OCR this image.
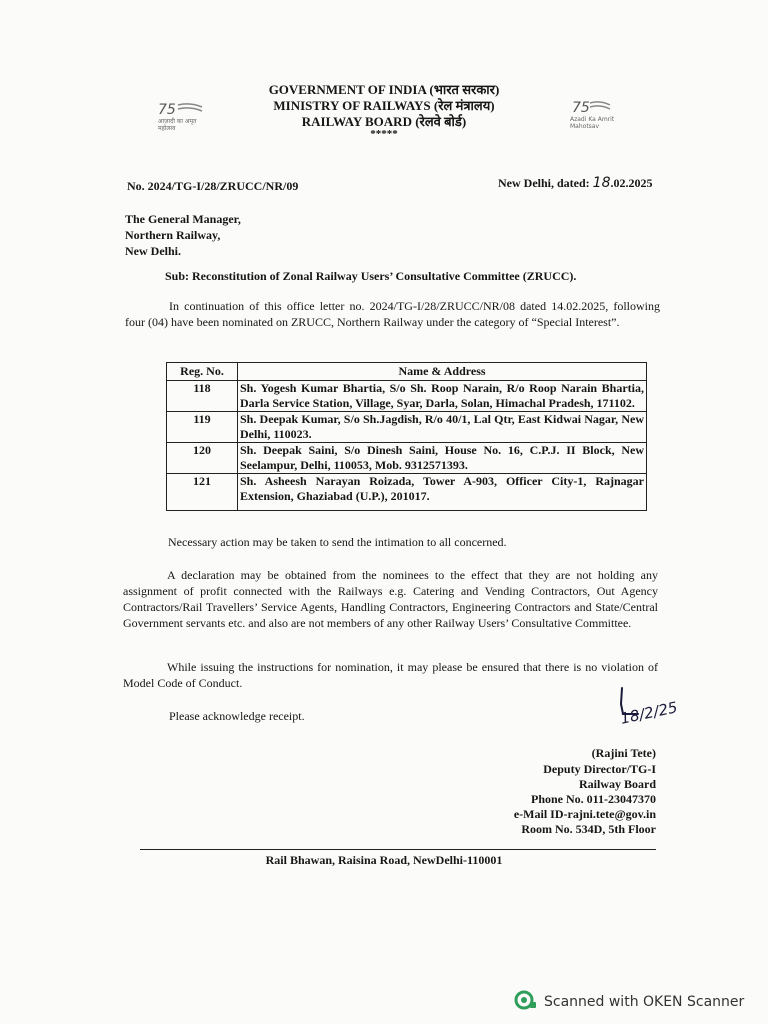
GOVERNMENT OF INDIA (भारत सरकार)
MINISTRY OF RAILWAYS (रेल मंत्रालय)
RAILWAY BOARD (रेलवे बोर्ड)
*****
75
आज़ादी का अमृत महोत्सव
75
Azadi Ka Amrit Mahotsav
No. 2024/TG-I/28/ZRUCC/NR/09	New Delhi, dated: 18.02.2025
The General Manager,
Northern Railway,
New Delhi.
Sub: Reconstitution of Zonal Railway Users’ Consultative Committee (ZRUCC).
In continuation of this office letter no. 2024/TG-I/28/ZRUCC/NR/08 dated 14.02.2025, following four (04) have been nominated on ZRUCC, Northern Railway under the category of “Special Interest”.
Reg. No.	Name & Address
118	Sh. Yogesh Kumar Bhartia, S/o Sh. Roop Narain, R/o Roop Narain Bhartia, Darla Service Station, Village, Syar, Darla, Solan, Himachal Pradesh, 171102.
119	Sh. Deepak Kumar, S/o Sh.Jagdish, R/o 40/1, Lal Qtr, East Kidwai Nagar, New Delhi, 110023.
120	Sh. Deepak Saini, S/o Dinesh Saini, House No. 16, C.P.J. II Block, New Seelampur, Delhi, 110053, Mob. 9312571393.
121	Sh. Asheesh Narayan Roizada, Tower A-903, Officer City-1, Rajnagar Extension, Ghaziabad (U.P.), 201017.
Necessary action may be taken to send the intimation to all concerned.
A declaration may be obtained from the nominees to the effect that they are not holding any assignment of profit connected with the Railways e.g. Catering and Vending Contractors, Out Agency Contractors/Rail Travellers’ Service Agents, Handling Contractors, Engineering Contractors and State/Central Government servants etc. and also are not members of any other Railway Users’ Consultative Committee.
While issuing the instructions for nomination, it may please be ensured that there is no violation of Model Code of Conduct.
Please acknowledge receipt.	18/2/25
(Rajini Tete)
Deputy Director/TG-I
Railway Board
Phone No. 011-23047370
e-Mail ID-rajni.tete@gov.in
Room No. 534D, 5th Floor
Rail Bhawan, Raisina Road, NewDelhi-110001
Scanned with OKEN Scanner
